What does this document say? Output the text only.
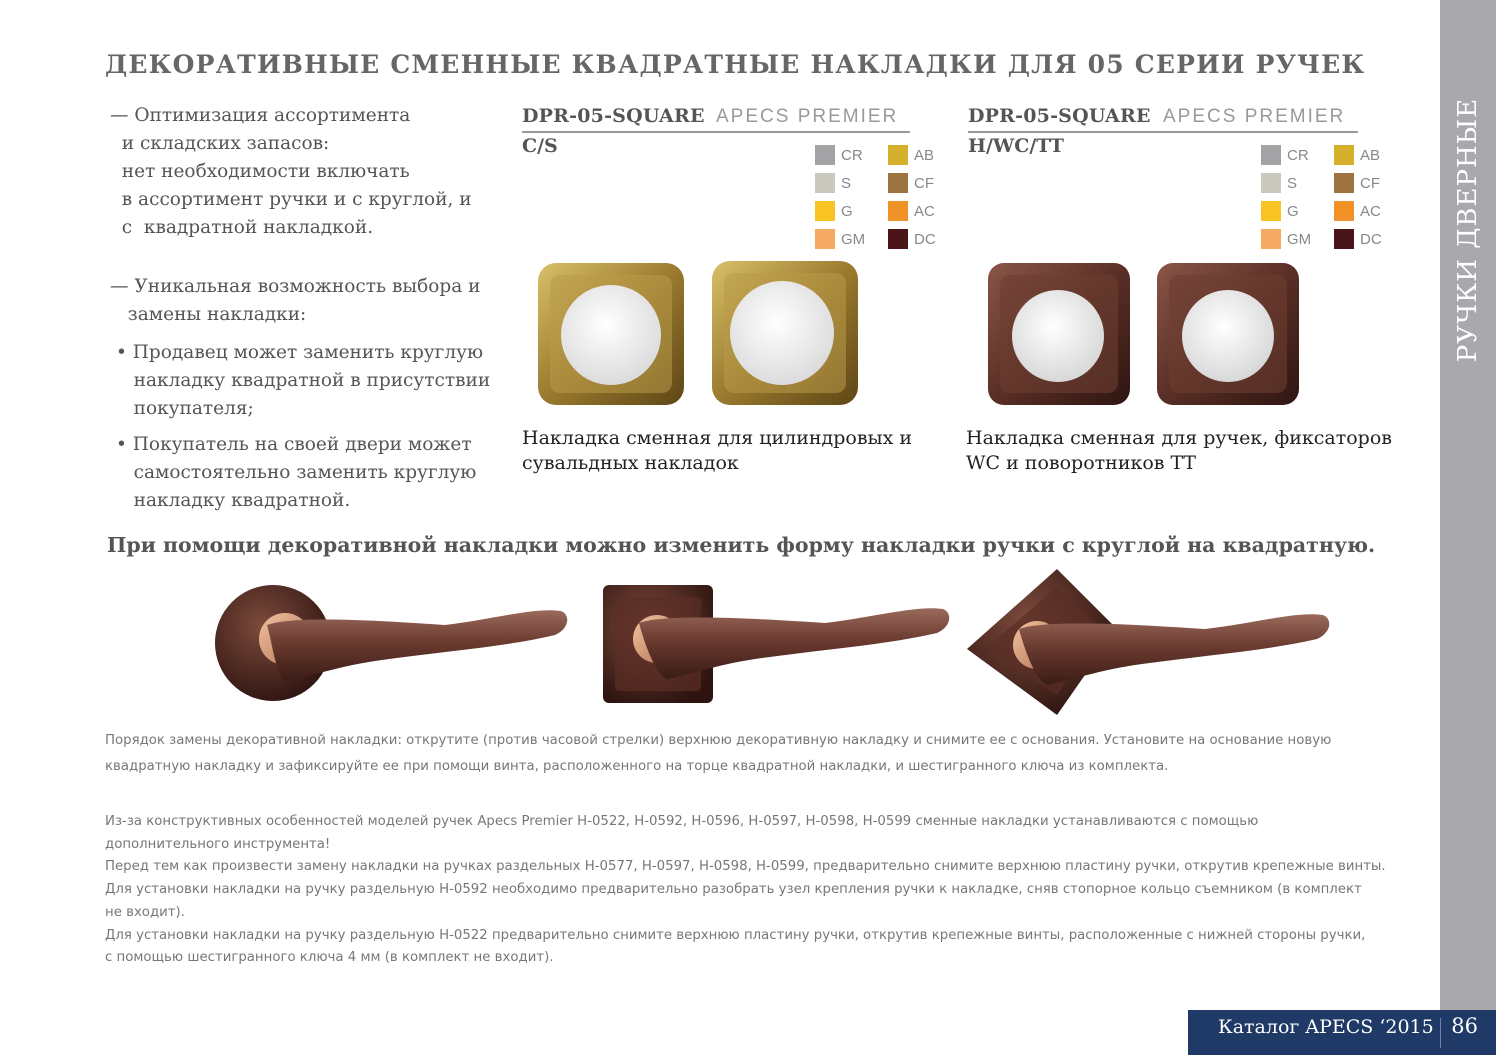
ДЕКОРАТИВНЫЕ СМЕННЫЕ КВАДРАТНЫЕ НАКЛАДКИ ДЛЯ 05 СЕРИИ РУЧЕК
РУЧКИ ДВЕРНЫЕ
— Оптимизация ассортимента
и складских запасов:
нет необходимости включать
в ассортимент ручки и с круглой, и
с  квадратной накладкой.
— Уникальная возможность выбора и
замены накладки:
• Продавец может заменить круглую
накладку квадратной в присутствии
покупателя;
• Покупатель на своей двери может
самостоятельно заменить круглую
накладку квадратной.
DPR-05-SQUARE APECS PREMIER
C/S	CR	AB
S	CF
G	AC
GM	DC
DPR-05-SQUARE APECS PREMIER
H/WC/TT	CR	AB
S	CF
G	AC
GM	DC
Накладка сменная для цилиндровых и
сувальдных накладок
Накладка сменная для ручек, фиксаторов
WC и поворотников ТТ
При помощи декоративной накладки можно изменить форму накладки ручки с круглой на квадратную.
Порядок замены декоративной накладки: открутите (против часовой стрелки) верхнюю декоративную накладку и снимите ее с основания. Установите на основание новую
квадратную накладку и зафиксируйте ее при помощи винта, расположенного на торце квадратной накладки, и шестигранного ключа из комплекта.
Из-за конструктивных особенностей моделей ручек Apecs Premier H-0522, H-0592, H-0596, H-0597, H-0598, H-0599 сменные накладки устанавливаются с помощью
дополнительного инструмента!
Перед тем как произвести замену накладки на ручках раздельных H-0577, H-0597, H-0598, H-0599, предварительно снимите верхнюю пластину ручки, открутив крепежные винты.
Для установки накладки на ручку раздельную H-0592 необходимо предварительно разобрать узел крепления ручки к накладке, сняв стопорное кольцо съемником (в комплект
не входит).
Для установки накладки на ручку раздельную H-0522 предварительно снимите верхнюю пластину ручки, открутив крепежные винты, расположенные с нижней стороны ручки,
с помощью шестигранного ключа 4 мм (в комплект не входит).
Каталог APECS ‘2015 86
